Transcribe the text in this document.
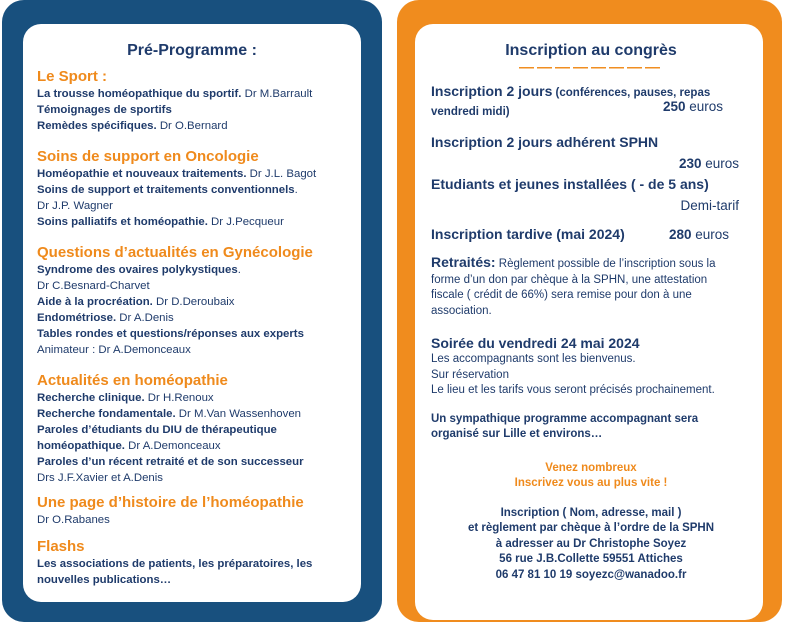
Pré-Programme :

Le Sport :

La trousse homéopathique du sportif. Dr M.Barrault

Témoignages de sportifs

Remèdes spécifiques. Dr O.Bernard

Soins de support en Oncologie

Homéopathie et nouveaux traitements. Dr J.L. Bagot

Soins de support et traitements conventionnels.

Dr J.P. Wagner

Soins palliatifs et homéopathie. Dr J.Pecqueur

Questions d’actualités en Gynécologie

Syndrome des ovaires polykystiques.

Dr C.Besnard-Charvet

Aide à la procréation. Dr D.Deroubaix

Endométriose. Dr A.Denis

Tables rondes et questions/réponses aux experts

Animateur : Dr A.Demonceaux

Actualités en homéopathie

Recherche clinique. Dr H.Renoux

Recherche fondamentale. Dr M.Van Wassenhoven

Paroles d’étudiants du DIU de thérapeutique

homéopathique. Dr A.Demonceaux

Paroles d’un récent retraité et de son successeur

Drs J.F.Xavier et A.Denis

Une page d’histoire de l’homéopathie

Dr O.Rabanes

Flashs

Les associations de patients, les préparatoires, les

nouvelles publications…

Inscription au congrès

————————

Inscription 2 jours (conférences, pauses, repas

vendredi midi)	250 euros

Inscription 2 jours adhérent SPHN

230 euros

Etudiants et jeunes installées ( - de 5 ans)

Demi-tarif

Inscription tardive (mai 2024)	280 euros

Retraités: Règlement possible de l’inscription sous la

forme d’un don par chèque à la SPHN, une attestation

fiscale ( crédit de 66%) sera remise pour don à une

association.

Soirée du vendredi 24 mai 2024

Les accompagnants sont les bienvenus.

Sur réservation

Le lieu et les tarifs vous seront précisés prochainement.

Un sympathique programme accompagnant sera

organisé sur Lille et environs…

Venez nombreux

Inscrivez vous au plus vite !

Inscription ( Nom, adresse, mail )

et règlement par chèque à l’ordre de la SPHN

à adresser au Dr Christophe Soyez

56 rue J.B.Collette 59551 Attiches

06 47 81 10 19 soyezc@wanadoo.fr
